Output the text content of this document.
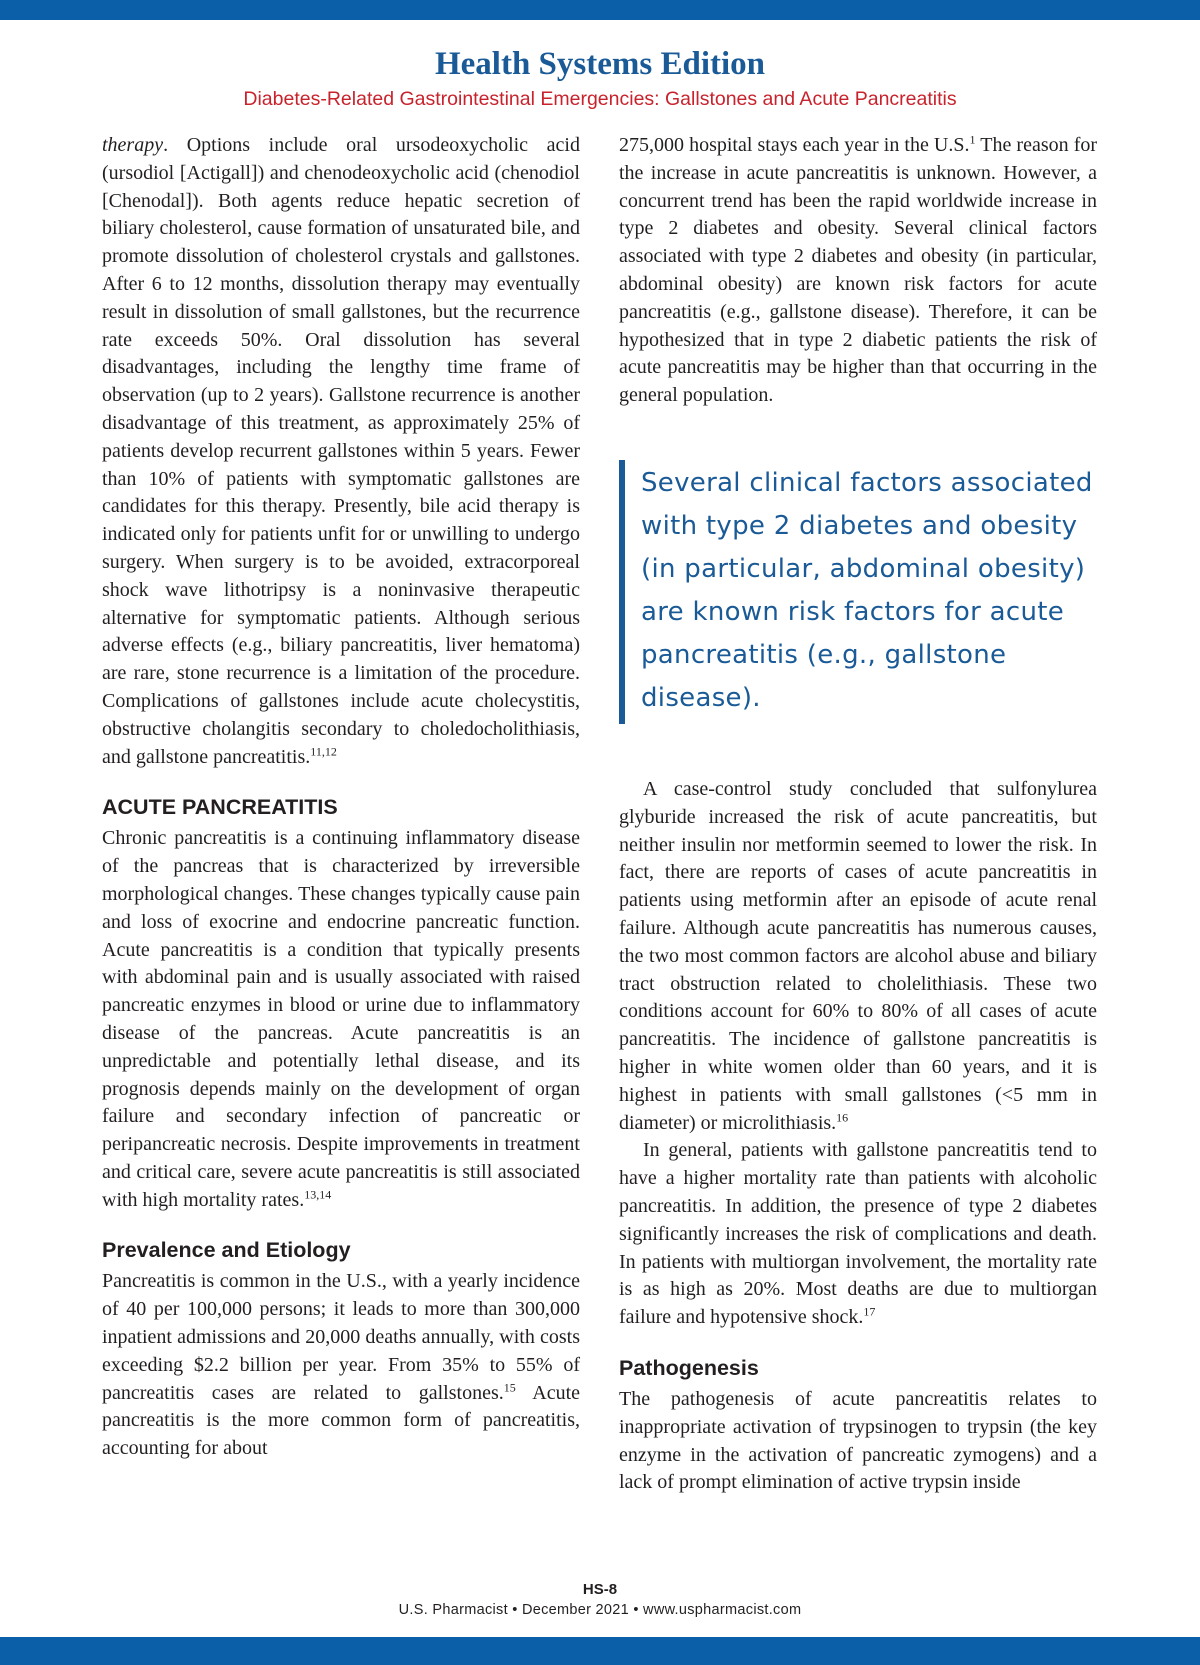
Health Systems Edition
Diabetes-Related Gastrointestinal Emergencies: Gallstones and Acute Pancreatitis

therapy. Options include oral ursodeoxycholic acid (ursodiol [Actigall]) and chenodeoxycholic acid (chenodiol [Chenodal]). Both agents reduce hepatic secretion of biliary cholesterol, cause formation of unsaturated bile, and promote dissolution of cholesterol crystals and gallstones. After 6 to 12 months, dissolution therapy may eventually result in dissolution of small gallstones, but the recurrence rate exceeds 50%. Oral dissolution has several disadvantages, including the lengthy time frame of observation (up to 2 years). Gallstone recurrence is another disadvantage of this treatment, as approximately 25% of patients develop recurrent gallstones within 5 years. Fewer than 10% of patients with symptomatic gallstones are candidates for this therapy. Presently, bile acid therapy is indicated only for patients unfit for or unwilling to undergo surgery. When surgery is to be avoided, extracorporeal shock wave lithotripsy is a noninvasive therapeutic alternative for symptomatic patients. Although serious adverse effects (e.g., biliary pancreatitis, liver hematoma) are rare, stone recurrence is a limitation of the procedure. Complications of gallstones include acute cholecystitis, obstructive cholangitis secondary to choledocholithiasis, and gallstone pancreatitis.$^{11,12}$

ACUTE PANCREATITIS

Chronic pancreatitis is a continuing inflammatory disease of the pancreas that is characterized by irreversible morphological changes. These changes typically cause pain and loss of exocrine and endocrine pancreatic function. Acute pancreatitis is a condition that typically presents with abdominal pain and is usually associated with raised pancreatic enzymes in blood or urine due to inflammatory disease of the pancreas. Acute pancreatitis is an unpredictable and potentially lethal disease, and its prognosis depends mainly on the development of organ failure and secondary infection of pancreatic or peripancreatic necrosis. Despite improvements in treatment and critical care, severe acute pancreatitis is still associated with high mortality rates.$^{13,14}$

Prevalence and Etiology

Pancreatitis is common in the U.S., with a yearly incidence of 40 per 100,000 persons; it leads to more than 300,000 inpatient admissions and 20,000 deaths annually, with costs exceeding $2.2 billion per year. From 35% to 55% of pancreatitis cases are related to gallstones.$^{15}$ Acute pancreatitis is the more common form of pancreatitis, accounting for about

275,000 hospital stays each year in the U.S.$^1$ The reason for the increase in acute pancreatitis is unknown. However, a concurrent trend has been the rapid worldwide increase in type 2 diabetes and obesity. Several clinical factors associated with type 2 diabetes and obesity (in particular, abdominal obesity) are known risk factors for acute pancreatitis (e.g., gallstone disease). Therefore, it can be hypothesized that in type 2 diabetic patients the risk of acute pancreatitis may be higher than that occurring in the general population.

Several clinical factors associated with type 2 diabetes and obesity (in particular, abdominal obesity) are known risk factors for acute pancreatitis (e.g., gallstone disease).

A case-control study concluded that sulfonylurea glyburide increased the risk of acute pancreatitis, but neither insulin nor metformin seemed to lower the risk. In fact, there are reports of cases of acute pancreatitis in patients using metformin after an episode of acute renal failure. Although acute pancreatitis has numerous causes, the two most common factors are alcohol abuse and biliary tract obstruction related to cholelithiasis. These two conditions account for 60% to 80% of all cases of acute pancreatitis. The incidence of gallstone pancreatitis is higher in white women older than 60 years, and it is highest in patients with small gallstones (<5 mm in diameter) or microlithiasis.$^{16}$

In general, patients with gallstone pancreatitis tend to have a higher mortality rate than patients with alcoholic pancreatitis. In addition, the presence of type 2 diabetes significantly increases the risk of complications and death. In patients with multiorgan involvement, the mortality rate is as high as 20%. Most deaths are due to multiorgan failure and hypotensive shock.$^{17}$

Pathogenesis

The pathogenesis of acute pancreatitis relates to inappropriate activation of trypsinogen to trypsin (the key enzyme in the activation of pancreatic zymogens) and a lack of prompt elimination of active trypsin inside

HS-8
U.S. Pharmacist • December 2021 • www.uspharmacist.com
